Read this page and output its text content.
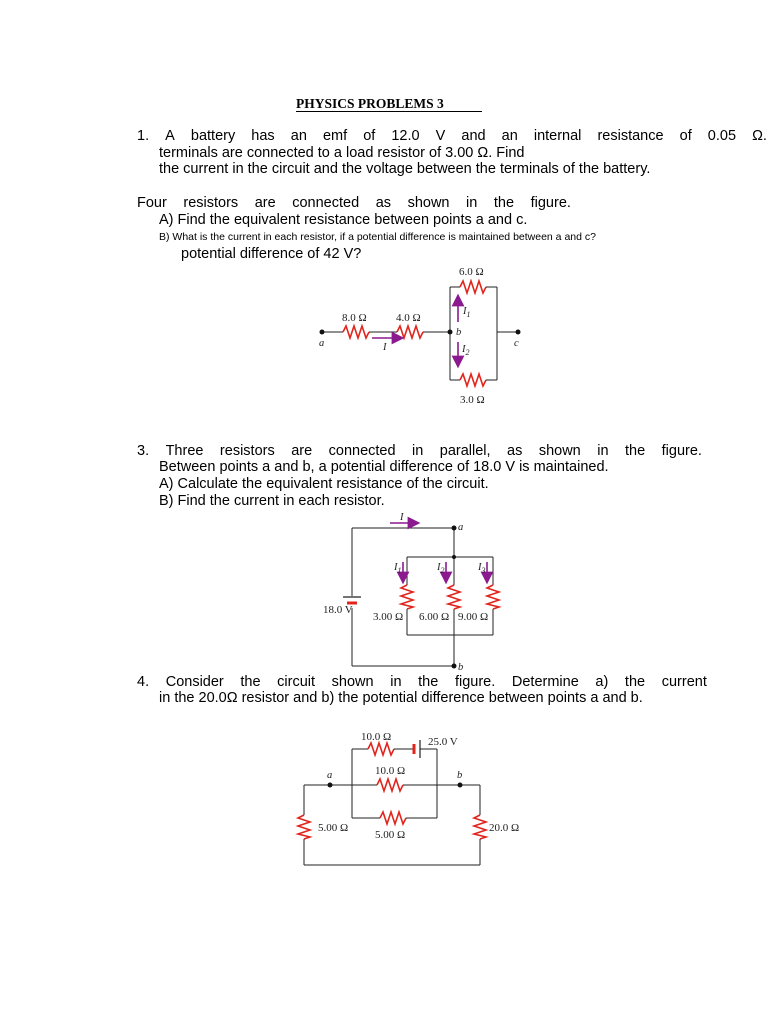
PHYSICS PROBLEMS 3
1. A battery has an emf of 12.0 V and an internal resistance of 0.05 Ω.
terminals are connected to a load resistor of 3.00 Ω. Find
the current in the circuit and the voltage between the terminals of the battery.
Four resistors are connected as shown in the figure.
A) Find the equivalent resistance between points a and c.
B) What is the current in each resistor, if a potential difference is maintained between a and c?
potential difference of 42 V?
3. Three resistors are connected in parallel, as shown in the figure.
Between points a and b, a potential difference of 18.0 V is maintained.
A) Calculate the equivalent resistance of the circuit.
B) Find the current in each resistor.
4. Consider the circuit shown in the figure. Determine a) the current
in the 20.0Ω resistor and b) the potential difference between points a and b.
6.0 Ω
8.0 Ω	4.0 Ω
3.0 Ω
a
b
c
I
$I_1$
$I_2$
I
a
b
$I_1$	$I_2$	$I_3$
18.0 V
3.00 Ω 6.00 Ω 9.00 Ω
10.0 Ω	25.0 V
10.0 Ω
5.00 Ω
5.00 Ω	20.0 Ω
a	b
